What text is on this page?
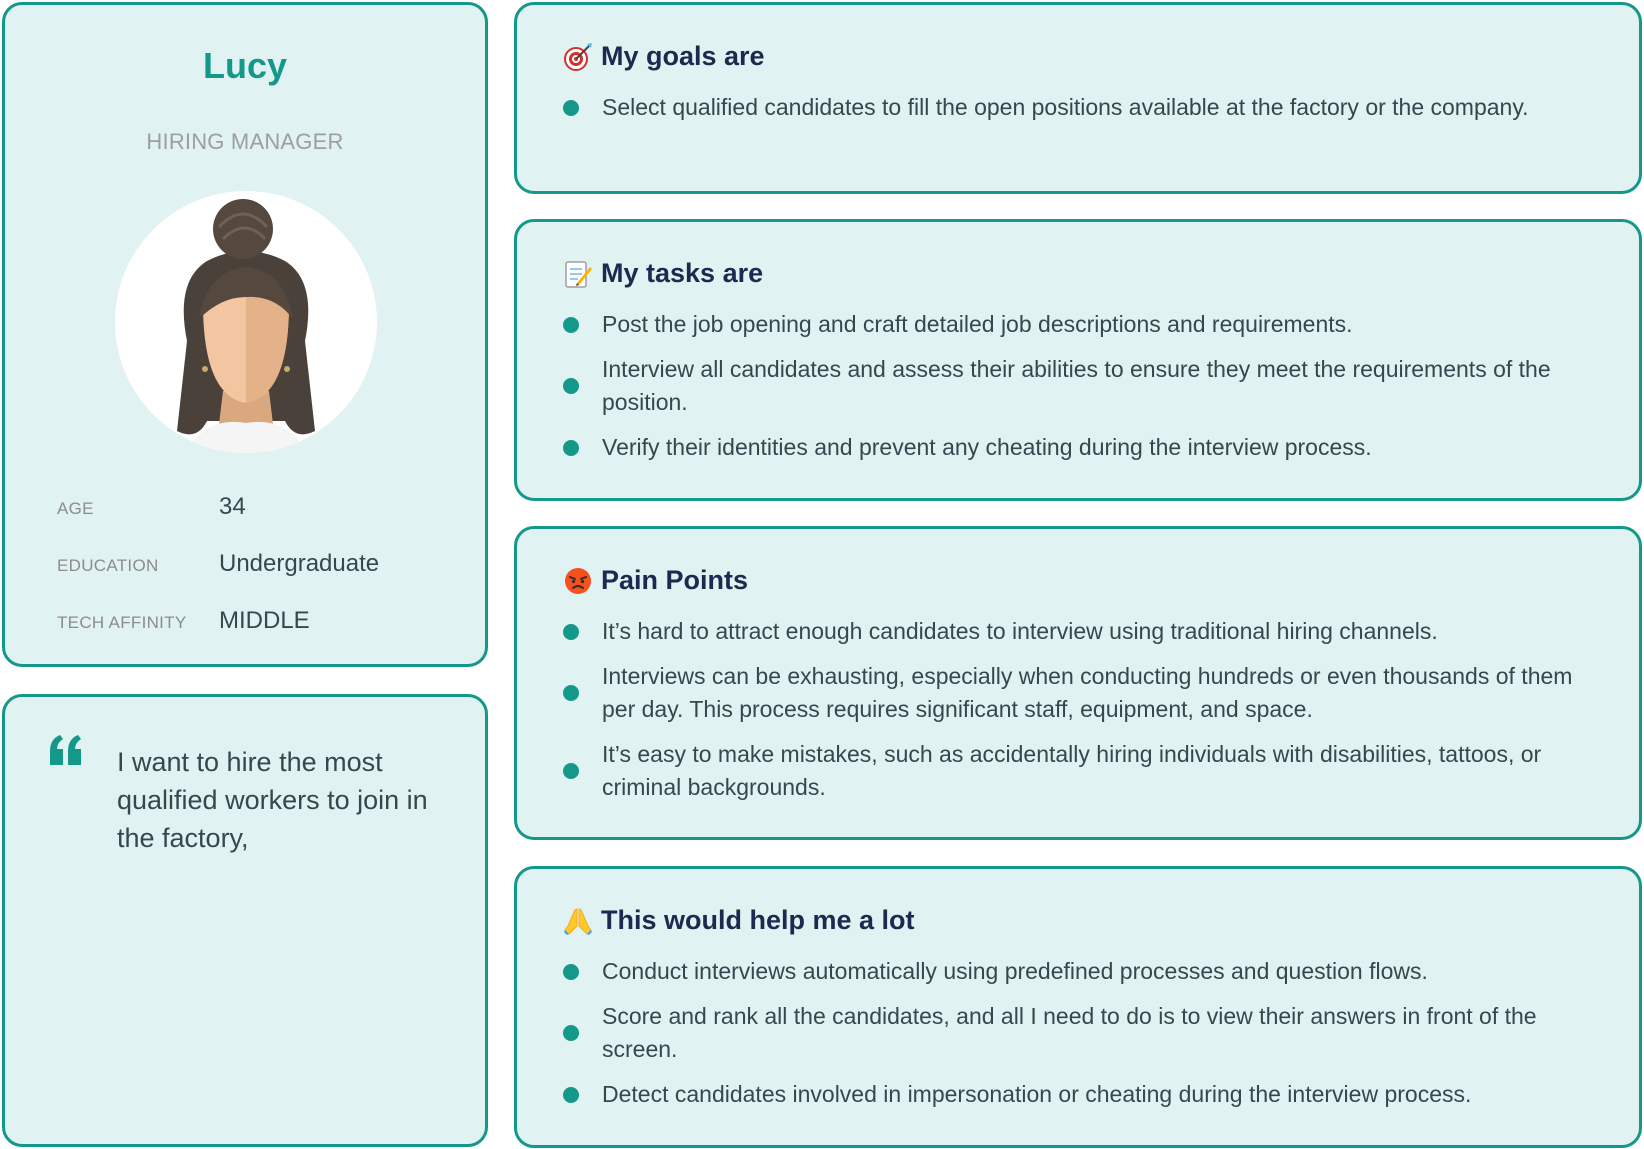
Lucy
HIRING MANAGER
AGE	34
EDUCATION	Undergraduate
TECH AFFINITY MIDDLE
I want to hire the most qualified workers to join in the factory,
My goals are
Select qualified candidates to fill the open positions available at the factory or the company.
My tasks are
Post the job opening and craft detailed job descriptions and requirements.
Interview all candidates and assess their abilities to ensure they meet the requirements of the position.
Verify their identities and prevent any cheating during the interview process.
Pain Points
It’s hard to attract enough candidates to interview using traditional hiring channels.
Interviews can be exhausting, especially when conducting hundreds or even thousands of them per day. This process requires significant staff, equipment, and space.
It’s easy to make mistakes, such as accidentally hiring individuals with disabilities, tattoos, or criminal backgrounds.
This would help me a lot
Conduct interviews automatically using predefined processes and question flows.
Score and rank all the candidates, and all I need to do is to view their answers in front of the screen.
Detect candidates involved in impersonation or cheating during the interview process.
